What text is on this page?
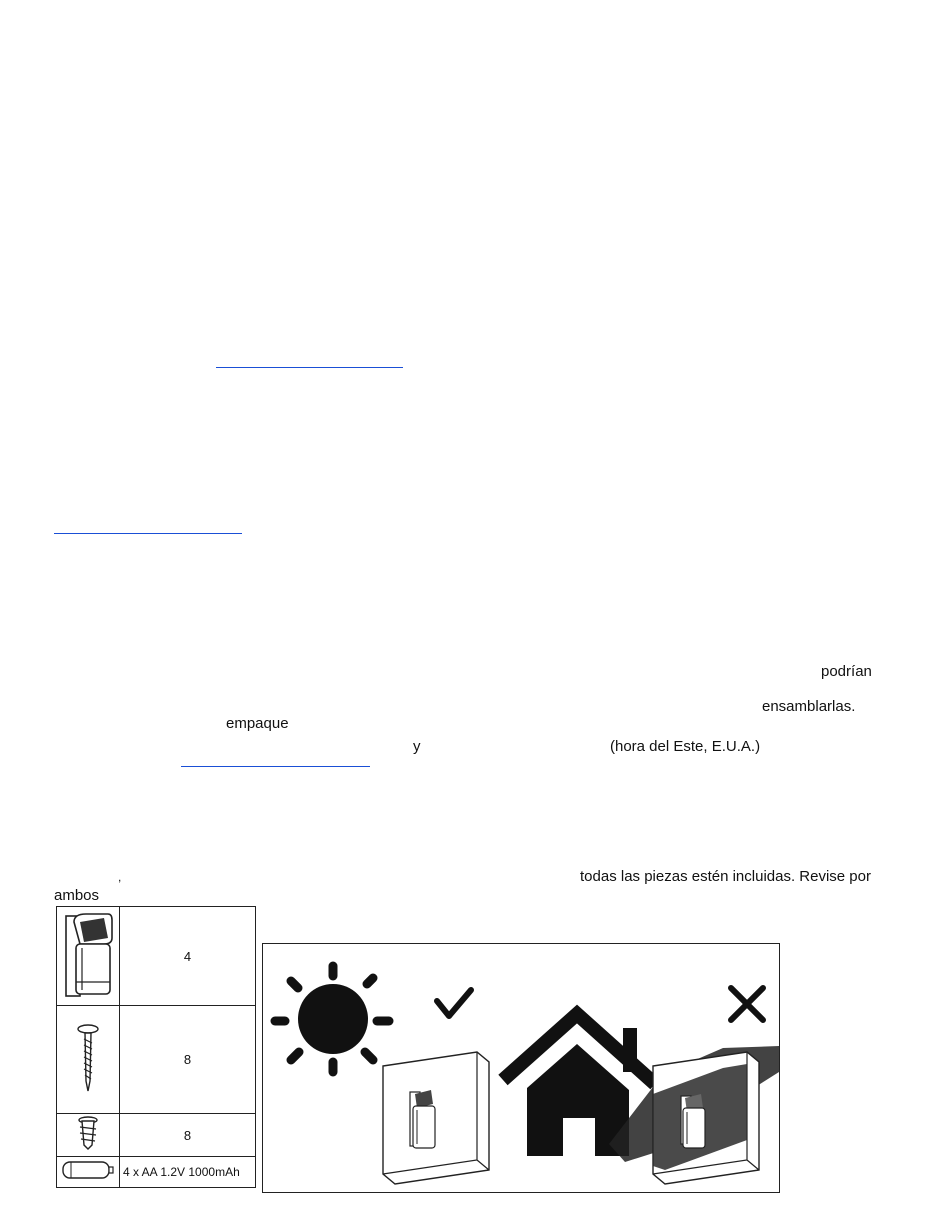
podrían
ensamblarlas.
empaque
y	(hora del Este, E.U.A.)
,	todas las piezas estén incluidas. Revise por
ambos
	4
	8
	8
	4 x AA 1.2V 1000mAh
